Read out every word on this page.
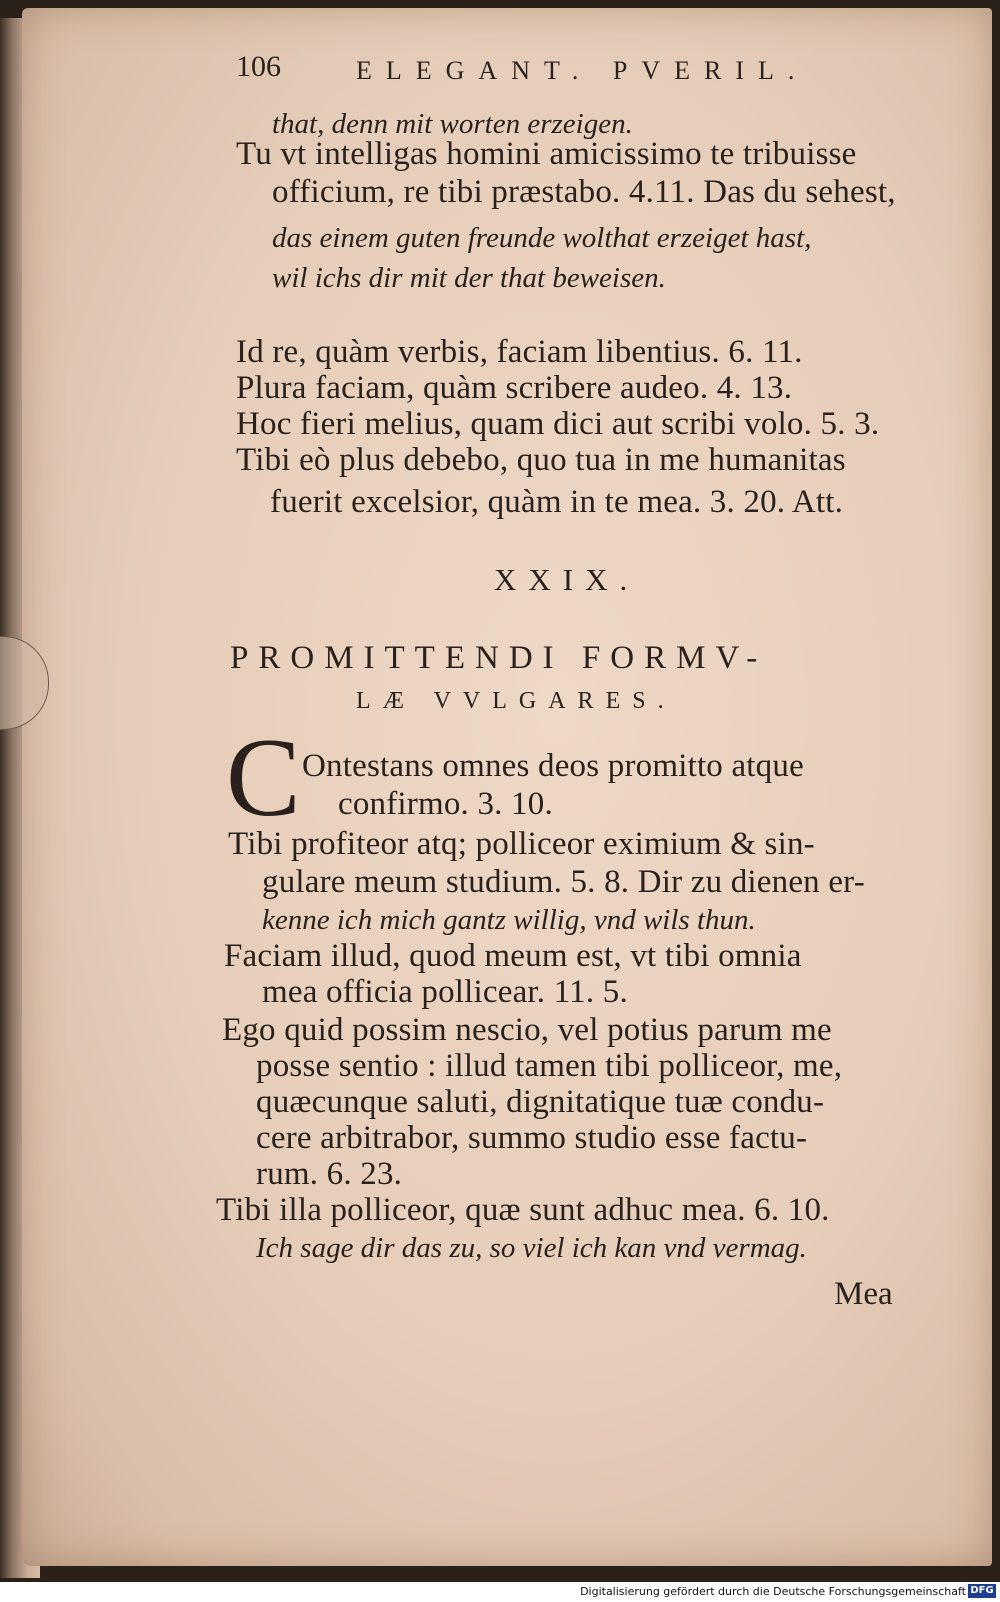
106	ELEGANT. PVERIL.
that, denn mit worten erzeigen.
Tu vt intelligas homini amicissimo te tribuisse
officium, re tibi præstabo. 4.11. Das du sehest,
das einem guten freunde wolthat erzeiget hast,
wil ichs dir mit der that beweisen.
Id re, quàm verbis, faciam libentius. 6. 11.
Plura faciam, quàm scribere audeo. 4. 13.
Hoc fieri melius, quam dici aut scribi volo. 5. 3.
Tibi eò plus debebo, quo tua in me humanitas
fuerit excelsior, quàm in te mea. 3. 20. Att.
XXIX.
PROMITTENDI FORMV-
LÆ VVLGARES.
C Ontestans omnes deos promitto atque
confirmo. 3. 10.
Tibi profiteor atq; polliceor eximium & sin-
gulare meum studium. 5. 8. Dir zu dienen er-
kenne ich mich gantz willig, vnd wils thun.
Faciam illud, quod meum est, vt tibi omnia
mea officia pollicear. 11. 5.
Ego quid possim nescio, vel potius parum me
posse sentio : illud tamen tibi polliceor, me,
quæcunque saluti, dignitatique tuæ condu-
cere arbitrabor, summo studio esse factu-
rum. 6. 23.
Tibi illa polliceor, quæ sunt adhuc mea. 6. 10.
Ich sage dir das zu, so viel ich kan vnd vermag.
Mea
Digitalisierung gefördert durch die Deutsche Forschungsgemeinschaft DFG
